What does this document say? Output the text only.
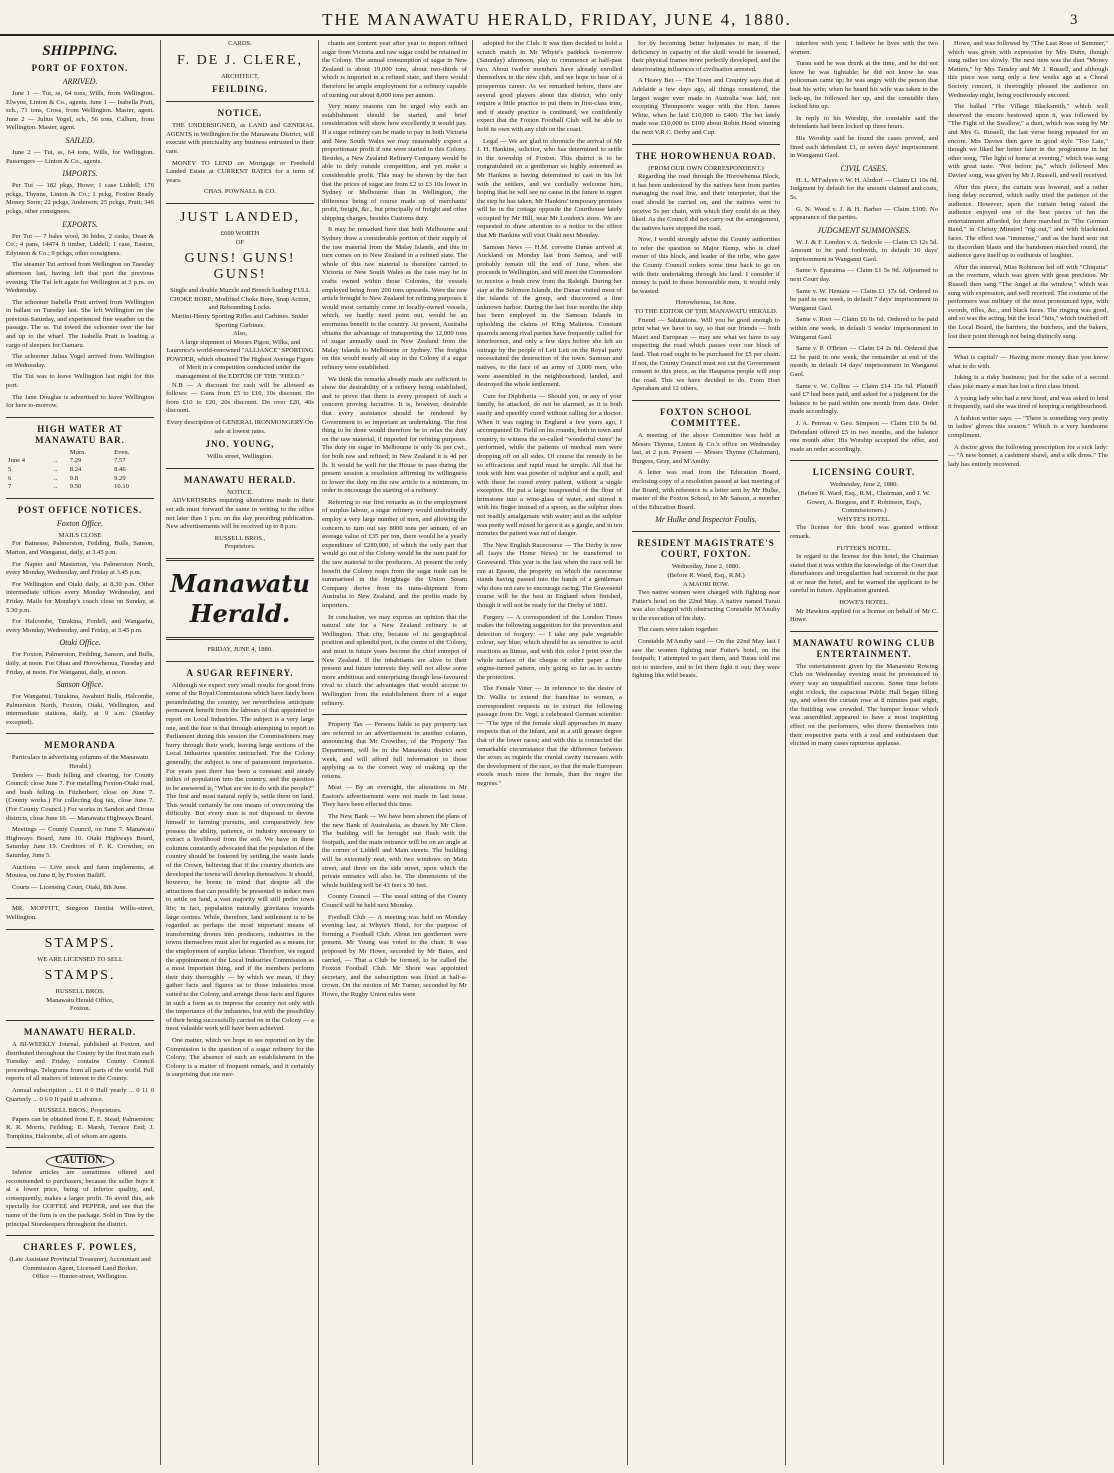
THE MANAWATU HERALD, FRIDAY, JUNE 4, 1880.	3
SHIPPING.
PORT OF FOXTON.
ARRIVED.

June 1 — Tui, ss, 64 tons, Wills, from Wellington. Elwyne, Linton & Co., agents. June 1 — Isabella Pratt, sch., 71 tons, Cross, from Wellington. Master, agent. June 2 — Julius Vogel, sch., 56 tons, Callum, from Wellington. Master, agent.

SAILED.

June 2 — Tui, ss, 64 tons, Wills, for Wellington. Passengers — Linton & Co., agents.

IMPORTS.

Per Tui — 182 pkgs, Howe; 1 case Liddell; 176 pckgs, Thynne, Linton & Co.; 1 pckg, Foxton Ready Money Store; 22 pckgs, Anderson; 25 pckgs, Pratt; 346 pckgs, other consignees.

EXPORTS.

Per Tui — 7 bales wool, 36 hides, 2 casks, Dean & Co.; 4 pans, 14474 ft timber, Liddell; 1 case, Easton, Edyinton & Co.; 9 pckgs, other consignees.

The steamer Tui arrived from Wellington on Tuesday afternoon last, having left that port the previous evening. The Tui left again for Wellington at 3 p.m. on Wednesday.

The schooner Isabella Pratt arrived from Wellington in ballast on Tuesday last. She left Wellington on the previous Saturday, and experienced fine weather on the passage. The ss. Tui towed the schooner over the bar and up to the wharf. The Isabella Pratt is loading a cargo of sleepers for Oamaru.

The schooner Julius Vogel arrived from Wellington on Wednesday.

The Tui was to leave Wellington last night for this port.

The Jane Douglas is advertised to leave Wellington for here to-morrow.

HIGH WATER AT MANAWATU BAR.
		Morn.	Even.
June 4	..	7.29	7.57
5	..	8.24	8.46
6	..	9.8	9.29
7	..	9.50	10.10
POST OFFICE NOTICES.
Foxton Office.
MAILS CLOSE

For Bainesse, Palmerston, Feilding, Bulls, Sanson, Marton, and Wanganui, daily, at 3.45 p.m.

For Napier and Masterton, via Palmerston North, every Monday, Wednesday, and Friday at 3.45 p.m.

For Wellington and Otaki daily, at 8.30 p.m. Other intermediate offices every Monday Wednesday, and Friday. Mails for Monday's coach close on Sunday, at 5.30 p.m.

For Halcombe, Turakina, Fordell, and Wangaehu, every Monday, Wednesday, and Friday, at 3.45 p.m.

Otaki Office.

For Foxton, Palmerston, Feilding, Sanson, and Bulls, daily, at noon. For Ohau and Horowhenua, Tuesday and Friday, at noon. For Wanganui, daily, at noon.

Sanson Office.

For Wanganui, Turakina, Awahuri Bulls, Halcombe, Palmerston North, Foxton, Otaki, Wellington, and intermediate stations, daily, at 9 a.m. (Sunday excepted).

MEMORANDA
Particulars in advertising columns of the Manawatu Herald.)

Tenders — Bush felling and clearing, for County Council; close June 7. For metalling Foxton-Otaki road, and bush felling in Fitzherbert, close on June 7. (County works.) For collecting dog tax, close June 7. (For County Council.) For works in Sandon and Oroua districts, close June 10. — Manawatu Highways Board.

Meetings — County Council, on June 7. Manawatu Highways Board, June 10. Otaki Highways Board, Saturday June 19. Creditors of F. K. Crowther, on Saturday, June 5.

Auctions — Live stock and farm implements, at Moutoa, on June 8, by Foxton Bailiff.

Courts — Licensing Court, Otaki, 8th June.

MR. MOFFITT, Surgeon Dentist Willis-street, Wellington.

STAMPS.
WE ARE LICENSED TO SELL
STAMPS.
RUSSELL BROS.
Manawatu Herald Office,
Foxton.
MANAWATU HERALD.

A BI-WEEKLY Journal, published at Foxton, and distributed throughout the County by the first train each Tuesday and Friday, contains County Council proceedings. Telegrams from all parts of the world. Full reports of all matters of interest to the County.

Annual subscription ... £1 0 0 Half yearly ... 0 11 0 Quarterly ... 0 6 0 If paid in advance.

RUSSELL BROS., Proprietors.

Papers can be obtained from E. E. Stead, Palmerston; R. R. Morris, Feilding; E. Marsh, Terrace End; J. Tompkins, Halcombe, all of whom are agents.

CAUTION.

Inferior articles are sometimes offered and recommended to purchasers, because the seller buys it at a lower price, being of inferior quality, and, consequently, makes a larger profit. To avoid this, ask specially for COFFEE and PEPPER, and see that the name of the firm is on the package. Sold in Tins by the principal Storekeepers throughout the district.

CHARLES F. POWLES,
(Late Assistant Provincial Treasurer), Accountant and Commission Agent, Licensed Land Broker.
Office — Hunter-street, Wellington.
CARDS.
F. DE J. CLERE,
ARCHITECT,
FEILDING.
NOTICE.

THE UNDERSIGNED, as LAND and GENERAL AGENTS in Wellington for the Manawatu District, will execute with punctuality any business entrusted to their care.

MONEY TO LEND on Mortgage or Freehold Landed Estate at CURRENT RATES for a term of years.

CHAS. POWNALL & CO.
JUST LANDED,
£600 WORTH
OF
GUNS! GUNS! GUNS!
Single and double Muzzle and Breech loading FULL CHOKE BORE, Modified Choke Bore, Snap Action, and Rebounding Locks.
Martini-Henry Sporting Rifles and Carbines. Snider Sporting Carbines.
Also,
A large shipment of Messrs Pigou, Wilks, and Laurence's world-renowned "ALLIANCE" SPORTING POWDER, which obtained The Highest Average Figure of Merit in a competition conducted under the management of the EDITOR OF THE "FIELD."

N.B — A discount for cash will be allowed as follows: — Guns from £5 to £10, 10s discount. Do from £10 to £20, 20s discount. Do over £20, 40s discount.

Every description of GENERAL IRONMONGERY On sale at lowest rates.
JNO. YOUNG,
Willis street, Wellington.
MANAWATU HERALD.
NOTICE.

ADVERTISERS requiring alterations made in their set ads must forward the same in writing to the office not later than 1 p.m. on the day preceding publication. New advertisements will be received up to 8 p.m.

RUSSELL BROS.,
Proprietors.
Manawatu Herald.
FRIDAY, JUNE 4, 1880.
A SUGAR REFINERY.

Although we expect very small results for good from some of the Royal Commissions which have lately been perambulating the country, we nevertheless anticipate permanent benefit from the labours of that appointed to report on Local Industries. The subject is a very large one, and the fear is that through attempting to report to Parliament during this session the Commissioners may hurry through their work, leaving large sections of the Local Industries question untouched. For the Colony generally, the subject is one of paramount importance. For years past there has been a constant and steady influx of population into the country, and the question to be answered is, "What are we to do with the people?" The first and most natural reply is, settle them on land. This would certainly be one means of overcoming the difficulty. But every man is not disposed to devote himself to farming pursuits, and comparatively few possess the ability, patience, or industry necessary to extract a livelihood from the soil. We have in these columns constantly advocated that the population of the country should be fostered by settling the waste lands of the Crown, believing that if the country districts are developed the towns will develop themselves. It should, however, be borne in mind that despite all the attractions that can possibly be presented to induce men to settle on land, a vast majority will still prefer town life; in fact, population naturally gravitates towards large centres. While, therefore, land settlement is to be regarded as perhaps the most important means of transforming drones into producers, industries in the towns themselves must also be regarded as a means for the employment of surplus labour. Therefore, we regard the appointment of the Local Industries Commission as a most important thing, and if the members perform their duty thoroughly — by which we mean, if they gather facts and figures as to those industries most suited to the Colony, and arrange those facts and figures in such a form as to impress the country not only with the importance of the industries, but with the possibility of their being successfully carried on in the Colony — a most valuable work will have been achieved.

One matter, which we hope to see reported on by the Commission is the question of a sugar refinery for the Colony. The absence of such an establishment in the Colony is a matter of frequent remark, and it certainly is surprising that our mer-

chants are content year after year to import refined sugar from Victoria and raw sugar could be retained in the Colony. The annual consumption of sugar in New Zealand is about 19,000 tons, about two-thirds of which is imported in a refined state, and there would therefore be ample employment for a refinery capable of turning out about 8,000 tons per annum.

Very many reasons can be urged why such an establishment should be started, and brief consideration will show how excellently it would pay. If a sugar refinery can be made to pay in both Victoria and New South Wales we may reasonably expect a proportionate profit if one were started in this Colony. Besides, a New Zealand Refinery Company would be able to defy outside competition, and yet make a considerable profit. This may be shown by the fact that the prices of sugar are from £2 to £3 10s lower in Sydney or Melbourne than in Wellington, the difference being of course made up of merchants' profit, freight, &c., but principally of freight and other shipping charges, besides Customs duty.

It may be remarked here that both Melbourne and Sydney draw a considerable portion of their supply of the raw material from the Malay Islands, and this in turn comes on to New Zealand in a refined state. The whole of this raw material is therefore carried to Victoria or New South Wales as the case may be in crafts owned within those Colonies, the vessels employed being from 200 tons upwards. Were the raw article brought to New Zealand for refining purposes it would most certainly come in locally-owned vessels, which, we hardly need point out, would be an enormous benefit to the country. At present, Australia obtains the advantage of transporting the 12,000 tons of sugar annually used in New Zealand from the Malay Islands to Melbourne or Sydney. The freights on this would nearly all stay in the Colony if a sugar refinery were established.

We think the remarks already made are sufficient to show the desirability of a refinery being established, and to prove that there is every prospect of such a concern proving lucrative. It is, however, desirable that every assistance should be rendered by Government to so important an undertaking. The first thing to be done would therefore be to relax the duty on the raw material, if imported for refining purposes. The duty on sugar in Melbourne is only 3s per cwt., for both raw and refined; in New Zealand it is 4d per lb. It would be well for the House to pass during the present session a resolution affirming its willingness to lower the duty on the raw article to a minimum, in order to encourage the starting of a refinery.

Referring to our first remarks as to the employment of surplus labour, a sugar refinery would undoubtedly employ a very large number of men, and allowing the concern to turn out say 8000 tons per annum, of an average value of £35 per ton, there would be a yearly expenditure of £280,000, of which the only part that would go out of the Colony would be the sum paid for the raw material to the producers. At present the only benefit the Colony reaps from the sugar trade can be summarised in the freightage the Union Steam Company derive from its trans-shipment from Australia to New Zealand, and the profits made by importers.

In conclusion, we may express an opinion that the natural site for a New Zealand refinery is at Wellington. That city, because of its geographical position and splendid port, is the centre of the Colony, and must in future years become the chief entrepot of New Zealand. If the inhabitants are alive to their present and future interests they will not allow some more ambitious and enterprising though less-favoured rival to clutch the advantages that would accrue to Wellington from the establishment there of a sugar refinery.

Property Tax — Persons liable to pay property tax are referred to an advertisement in another column, announcing that Mr Crowther, of the Property Tax Department, will be in the Manawatu district next week, and will afford full information to those applying as to the correct way of making up the returns.

Meat — By an oversight, the alterations in Mr Easton's advertisement were not made in last issue. They have been effected this time.

The New Bank — We have been shown the plans of the new Bank of Australasia, as drawn by Mr Clere. The building will be brought out flush with the footpath, and the main entrance will be on an angle at the corner of Liddell and Main streets. The building will be extremely neat, with two windows on Main street, and three on the side street, upon which the private entrance will also be. The dimensions of the whole building will be 43 feet x 30 feet.

County Council — The usual sitting of the County Council will be held next Monday.

Football Club — A meeting was held on Monday evening last, at Whyte's Hotel, for the purpose of forming a Football Club. About ten gentlemen were present. Mr Young was voted to the chair. It was proposed by Mr Howe, seconded by Mr Bates, and carried, — That a Club be formed, to be called the Foxton Football Club. Mr Shore was appointed secretary, and the subscription was fixed at half-a-crown. On the motion of Mr Turner, seconded by Mr Howe, the Rugby Union rules were

adopted for the Club. It was then decided to hold a scratch match in Mr Whyte's paddock to-morrow (Saturday) afternoon, play to commence at half-past two. About twelve members have already enrolled themselves in the new club, and we hope to hear of a prosperous career. As we remarked before, there are several good players about this district, who only require a little practice to put them in first-class trim, and if steady practice is continued, we confidently expect that the Foxton Football Club will be able to hold its own with any club on the coast.

Legal — We are glad to chronicle the arrival of Mr J. H. Hankins, solicitor, who has determined to settle in the township of Foxton. This district is to be congratulated on a gentleman so highly esteemed as Mr Hankins is having determined to cast in his lot with the settlers, and we cordially welcome him, hoping that he will see no cause in the future to regret the step he has taken. Mr Hankins' temporary premises will be in the cottage opposite the Courthouse lately occupied by Mr Hill, near Mr Loudon's store. We are requested to draw attention to a notice to the effect that Mr Hankins will visit Otaki next Monday.

Samoan News — H.M. corvette Danae arrived at Auckland on Monday last from Samoa, and will probably remain till the end of June, when she proceeds to Wellington, and will meet the Commodore to receive a fresh crew from the Raleigh. During her stay at the Solomon Islands, the Danae visited most of the islands of the group, and discovered a fine unknown harbor. During the last four months the ship has been employed in the Samoan Islands in upholding the claims of King Malietoa. Constant quarrels among rival parties have frequently called for interference, and only a few days before she left an outrage by the people of Leti Leti on the Royal party necessitated the destruction of the town. Samoan and natives, to the face of an army of 3,000 men, who were assembled in the neighbourhood, landed, and destroyed the whole settlement.

Cure for Diphtheria — Should you, or any of your family, be attacked, do not be alarmed, as it is both easily and speedily cured without calling for a doctor. When it was raging in England a few years ago, I accompanied Dr. Field on his rounds, both in town and country, to witness the so-called "wonderful cures" he performed, while the patients of medical men were dropping off on all sides. Of course the remedy to be so efficacious and rapid must be simple. All that he took with him was powder of sulphur and a quill, and with these he cured every patient, without a single exception. He put a large teaspoonful of the flour of brimstone into a wine-glass of water, and stirred it with his finger instead of a spoon, as the sulphur does not readily amalgamate with water; and as the sulphur was pretty well mixed he gave it as a gargle, and in ten minutes the patient was out of danger.

The New English Racecourse — The Derby is now all (says the Home News) to be transferred to Gravesend. This year is the last when the race will be run at Epsom, the property on which the racecourse stands having passed into the hands of a gentleman who does not care to encourage racing. The Gravesend course will be the best in England when finished, though it will not be ready for the Derby of 1881.

Forgery — A correspondent of the London Times makes the following suggestion for the prevention and detection of forgery: — I take any pale vegetable colour, say blue, which should be as sensitive to acid reactions as litmus, and with this color I print over the whole surface of the cheque or other paper a fine engine-turned pattern, only going so far as to secure the protection.

The Female Voter — In reference to the desire of Dr. Wallis to extend the franchise to women, a correspondent requests us to extract the following passage from Dr. Vogt, a celebrated German scientist: — "The type of the female skull approaches in many respects that of the infant, and in a still greater degree that of the lower races; and with this is connected the remarkable circumstance that the difference between the sexes as regards the cranial cavity increases with the development of the race, so that the male European excels much more the female, than the negro the negress."

for by becoming better helpmates to man, if the deficiency in capacity of the skull would be lessened, their physical frames more perfectly developed, and the deteriorating influences of civilisation arrested.

A Heavy Bet — The Town and Country says that at Adelaide a few days ago, all things considered, the largest wager ever made in Australia was laid, not excepting Thompson's wager with the Hon. James White, when he laid £10,000 to £400. The bet lately made was £10,000 to £100 about Robin Hood winning the next V.R.C. Derby and Cup.

THE HOROWHENUA ROAD.
(FROM OUR OWN CORRESPONDENT.)

Regarding the road through the Horowhenua Block, it has been understood by the natives here from parties managing the road line, and their interpreter, that the road should be carried on, and the natives were to receive 5s per chain, with which they could do as they liked. As the Council did not carry out the arrangement, the natives have stopped the road.

Now, I would strongly advise the County authorities to refer the question to Major Kemp, who is chief owner of this block, and leader of the tribe, who gave the County Council orders some time back to go on with their undertaking through his land. I consider if money is paid to these honourable men, it would only be wasted.

Horowhenua, 1st June.
TO THE EDITOR OF THE MANAWATU HERALD.

Friend — Salutations. Will you be good enough to print what we have to say, so that our friends — both Maori and European — may see what we have to say respecting the road which passes over our block of land. That road ought to be purchased for £5 per chain. If not, the County Council must not cut the Government consent to this piece, as the Hauparoa people will stop the road. This we have decided to do. From Hori Aperaham and 12 others.

FOXTON SCHOOL COMMITTEE.

A meeting of the above Committee was held at Messrs Thynne, Linton & Co.'s office on Wednesday last, at 2 p.m. Present — Messrs Thynne (Chairman), Burgess, Gray, and M'Anulty.

A letter was read from the Education Board, enclosing copy of a resolution passed at last meeting of the Board, with reference to a letter sent by Mr Hulke, master of the Foxton School, to Mr Sanson, a member of the Education Board.

Mr Hulke and Inspector Foulis.
RESIDENT MAGISTRATE'S COURT, FOXTON.
Wednesday, June 2, 1880.
(Before R. Ward, Esq., R.M.)
A MAORI ROW.

Two native women were charged with fighting near Futter's hotel on the 22nd May. A native named Turau was also charged with obstructing Constable M'Anulty in the execution of his duty.

The cases were taken together.

Constable M'Anulty said — On the 22nd May last I saw the women fighting near Futter's hotel, on the footpath; I attempted to part them, and Turau told me not to interfere, and to let them fight it out; they were fighting like wild beasts.

interfere with you; I believe he lives with the two women.

Turau said he was drunk at the time, and he did not know he was fightable; he did not know he was policeman came up; he was angry with the person that beat his wife; when he heard his wife was taken to the lock-up, he followed her up, and the constable then locked him up.

In reply to his Worship, the constable said the defendants had been locked up three hours.

His Worship said he found the cases proved, and fined each defendant £1, or seven days' imprisonment in Wanganui Gaol.

CIVIL CASES.

H. L. M'Fadyen v. W. H. Alzdorf — Claim £1 10s 0d. Judgment by default for the amount claimed and costs, 5s.

G. N. Wood v. J. & H. Barber — Claim £100. No appearance of the parties.

JUDGMENT SUMMONSES.

W. J. & F. London v. A. Sedcole — Claim £3 12s 5d. Amount to be paid forthwith, in default 10 days' imprisonment in Wanganui Gaol.

Same v. Eparaima — Claim £1 5s 9d. Adjourned to next Court day.

Same v. W. Hemara — Claim £1 17s 6d. Ordered to be paid in one week, in default 7 days' imprisonment in Wanganui Gaol.

Same v. Rori — Claim £6 0s 6d. Ordered to be paid within one week, in default 3 weeks' imprisonment in Wanganui Gaol.

Same v. P. O'Brien — Claim £4 2s 8d. Ordered that £2 be paid in one week, the remainder at end of the month; in default 14 days' imprisonment in Wanganui Gaol.

Same v. W. Collins — Claim £14 15s 6d. Plaintiff said £7 had been paid, and asked for a judgment for the balance to be paid within one month from date. Order made accordingly.

J. A. Perreau v. Geo. Simpson — Claim £10 5s 0d. Defendant offered £5 in two months, and the balance one month after. His Worship accepted the offer, and made an order accordingly.

LICENSING COURT.
Wednesday, June 2, 1880.
(Before R. Ward, Esq., R.M., Chairman, and J. W. Gower, A. Burgess, and F. Robinson, Esq's, Commissioners.)
WHYTE'S HOTEL.

The license for this hotel was granted without remark.

FUTTER'S HOTEL.

In regard to the license for this hotel, the Chairman stated that it was within the knowledge of the Court that disturbances and irregularities had occurred in the past at or near the hotel, and he warned the applicant to be careful in future. Application granted.

HOWE'S HOTEL.

Mr Hawkins applied for a license on behalf of Mr C. Howe.

MANAWATU ROWING CLUB ENTERTAINMENT.

The entertainment given by the Manawatu Rowing Club on Wednesday evening must be pronounced in every way an unqualified success. Some time before eight o'clock, the capacious Public Hall began filling up, and when the curtain rose at 8 minutes past eight, the building was crowded. The bumper house which was assembled appeared to have a most inspiriting effect on the performers, who threw themselves into their respective parts with a zeal and enthusiasm that elicited in many cases rapturous applause.

Howe, and was followed by "The Last Rose of Summer," which was given with expression by Mrs Dunn, though sung rather too slowly. The next item was the duet "Money Matters," by Mrs Tansley and Mr J. Russell, and although this piece was sung only a few weeks ago at a Choral Society concert, it thoroughly pleased the audience on Wednesday night, being vociferously encored.

The ballad "The Village Blacksmith," which well deserved the encore bestowed upon it, was followed by "The Fight of the Swallow," a duet, which was sung by Mr and Mrs G. Russell, the last verse being repeated for an encore. Mrs Davies then gave in good style "Too Late," though we liked her better later in the programme in her other song, "The light of home at evening," which was sung with great taste. "Not before pa," which followed Mrs Davies' song, was given by Mr J. Russell, and well received.

After this piece, the curtain was lowered, and a rather long delay occurred, which sadly tried the patience of the audience. However, upon the curtain being raised the audience enjoyed one of the best pieces of fun the entertainment afforded, for there marched in "The German Band," in Christy Minstrel "rig out," and with blackened faces. The effect was "immense," and as the band sent out its discordant blasts and the bandsmen marched round, the audience gave itself up to outbursts of laughter.

After the interval, Miss Robinson led off with "Chiquita" as the overture, which was given with great precision. Mr Russell then sang "The Angel at the window," which was sung with expression, and well received. The costume of the performers was military of the most pronounced type, with swords, rifles, &c., and black faces. The ringing was good, and so was the acting, but the local "hits," which touched off the Local Board, the harriers, the butchers, and the bakers, lost their point through not being distinctly sung.

What is capital? — Having more money than you know what to do with.

Joking is a risky business; just for the sake of a second class joke many a man has lost a first class friend.

A young lady who had a new hood, and was asked to lend it frequently, said she was tired of keeping a neighbourhood.

A fashion writer says: — "There is something very pretty in ladies' gloves this season." Which is a very handsome compliment.

A doctor gives the following prescription for a sick lady: — "A new bonnet, a cashmere shawl, and a silk dress." The lady has entirely recovered.
